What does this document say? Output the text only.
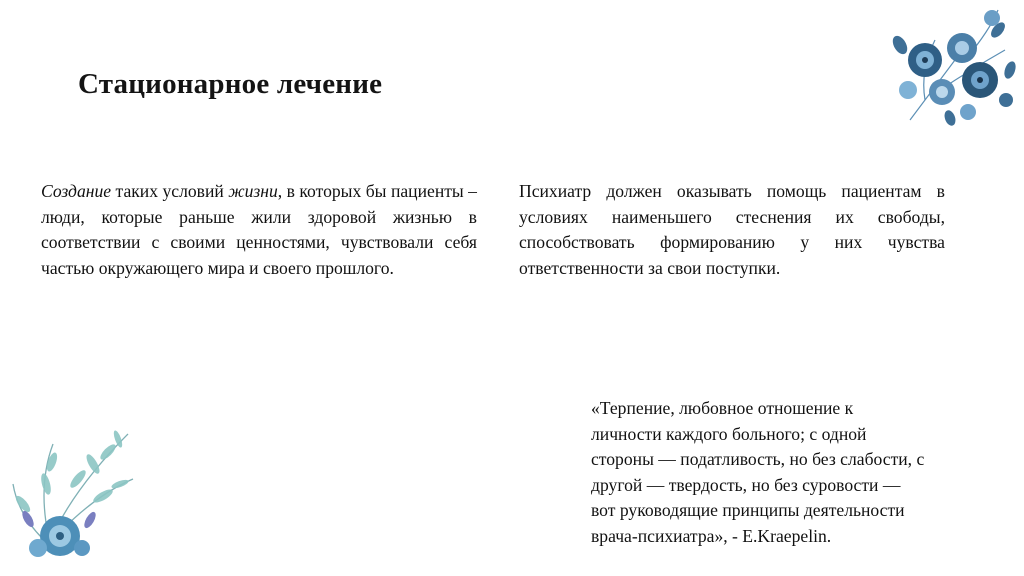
Стационарное лечение
Создание таких условий жизни, в которых бы пациенты – люди, которые раньше жили здоровой жизнью в соответствии с своими ценностями, чувствовали себя частью окружающего мира и своего прошлого.
Психиатр должен оказывать помощь пациентам в условиях наименьшего стеснения их свободы, способствовать формированию у них чувства ответственности за свои поступки.
«Терпение, любовное отношение к
личности каждого больного; с одной
стороны — податливость, но без слабости, с
другой — твердость, но без суровости —
вот руководящие принципы деятельности
врача-психиатра», - E.Kraepelin.
